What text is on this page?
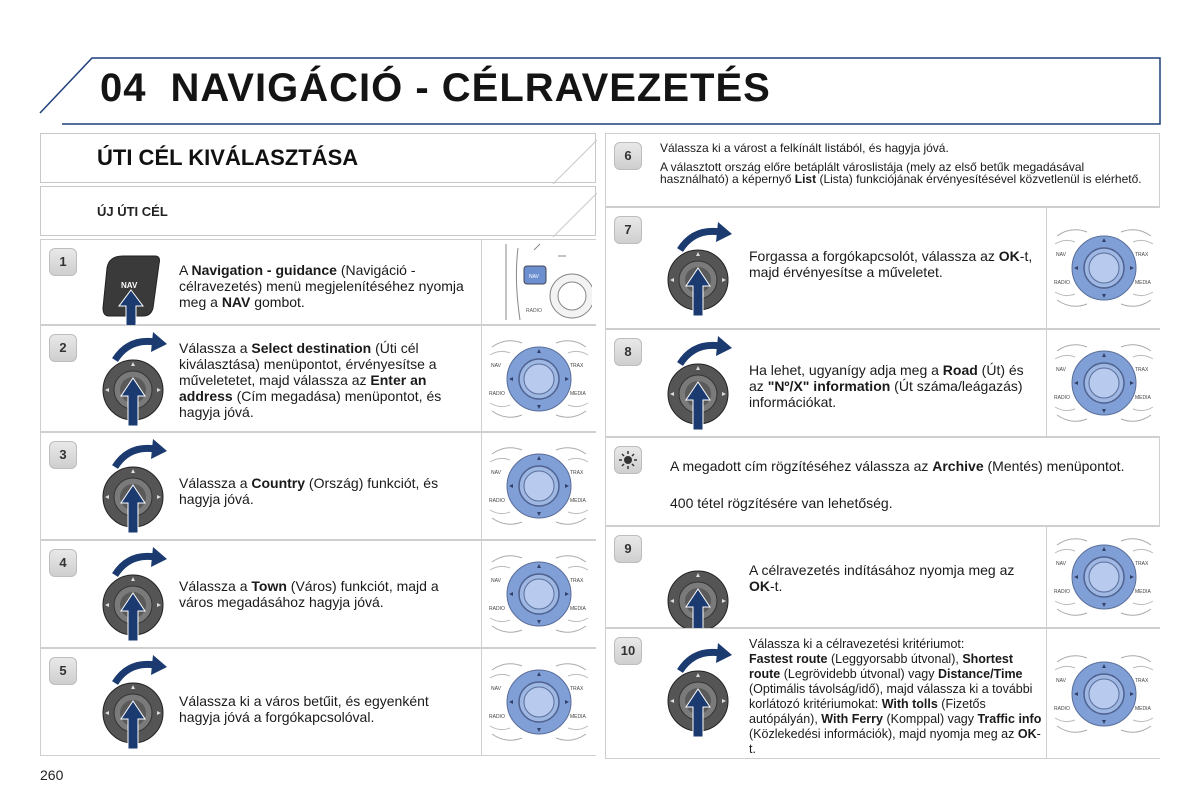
04 NAVIGÁCIÓ - CÉLRAVEZETÉS
ÚTI CÉL KIVÁLASZTÁSA
ÚJ ÚTI CÉL
1
NAV
A Navigation - guidance (Navigáció - célravezetés) menü megjelenítéséhez nyomja meg a NAV gombot.
NAV
RADIO
2	Válassza a Select destination (Úti cél kiválasztása) menüpontot, érvényesítse a műveletetet, majd válassza az Enter an address (Cím megadása) menüpontot, és hagyja jóvá.
NAV	TRAX
RADIO	MEDIA
3
Válassza a Country (Ország) funkciót, és hagyja jóvá.
NAV	TRAX
RADIO	MEDIA
4
Válassza a Town (Város) funkciót, majd a város megadásához hagyja jóvá.
NAV	TRAX
RADIO	MEDIA
5
Válassza ki a város betűit, és egyenként hagyja jóvá a forgókapcsolóval.
NAV	TRAX
RADIO	MEDIA
6	Válassza ki a várost a felkínált listából, és hagyja jóvá.
A választott ország előre betáplált városlistája (mely az első betűk megadásával használható) a képernyő List (Lista) funkciójának érvényesítésével közvetlenül is elérhető.
7
Forgassa a forgókapcsolót, válassza az OK-t, majd érvényesítse a műveletet.
NAV	TRAX
RADIO	MEDIA
8
Ha lehet, ugyanígy adja meg a Road (Út) és az "Nº/X" information (Út száma/leágazás) információkat.
NAV	TRAX
RADIO	MEDIA
A megadott cím rögzítéséhez válassza az Archive (Mentés) menüpontot.
400 tétel rögzítésére van lehetőség.
9
A célravezetés indításához nyomja meg az OK-t.
NAV	TRAX
RADIO	MEDIA
10	Válassza ki a célravezetési kritériumot:
Fastest route (Leggyorsabb útvonal), Shortest route (Legrövidebb útvonal) vagy Distance/Time (Optimális távolság/idő), majd válassza ki a további korlátozó kritériumokat: With tolls (Fizetős autópályán), With Ferry (Komppal) vagy Traffic info (Közlekedési információk), majd nyomja meg az OK-t.
NAV	TRAX
RADIO	MEDIA
260
